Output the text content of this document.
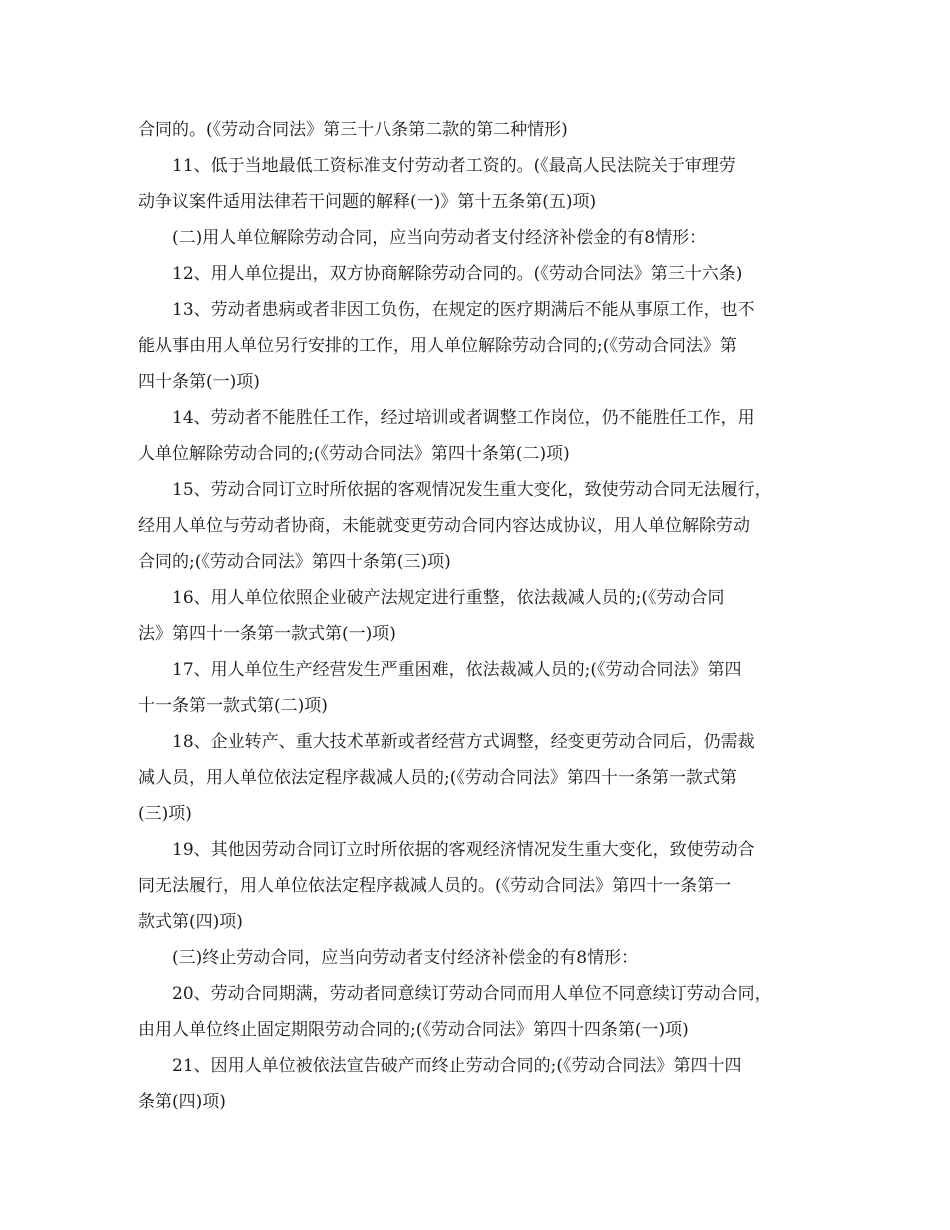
合同的。(《劳动合同法》第三十八条第二款的第二种情形)

11、低于当地最低工资标准支付劳动者工资的。(《最高人民法院关于审理劳

动争议案件适用法律若干问题的解释(一)》第十五条第(五)项)

(二)用人单位解除劳动合同，应当向劳动者支付经济补偿金的有8情形：

12、用人单位提出，双方协商解除劳动合同的。(《劳动合同法》第三十六条)

13、劳动者患病或者非因工负伤，在规定的医疗期满后不能从事原工作，也不

能从事由用人单位另行安排的工作，用人单位解除劳动合同的;(《劳动合同法》第

四十条第(一)项)

14、劳动者不能胜任工作，经过培训或者调整工作岗位，仍不能胜任工作，用

人单位解除劳动合同的;(《劳动合同法》第四十条第(二)项)

15、劳动合同订立时所依据的客观情况发生重大变化，致使劳动合同无法履行，

经用人单位与劳动者协商，未能就变更劳动合同内容达成协议，用人单位解除劳动

合同的;(《劳动合同法》第四十条第(三)项)

16、用人单位依照企业破产法规定进行重整，依法裁减人员的;(《劳动合同

法》第四十一条第一款式第(一)项)

17、用人单位生产经营发生严重困难，依法裁减人员的;(《劳动合同法》第四

十一条第一款式第(二)项)

18、企业转产、重大技术革新或者经营方式调整，经变更劳动合同后，仍需裁

减人员，用人单位依法定程序裁减人员的;(《劳动合同法》第四十一条第一款式第

(三)项)

19、其他因劳动合同订立时所依据的客观经济情况发生重大变化，致使劳动合

同无法履行，用人单位依法定程序裁减人员的。(《劳动合同法》第四十一条第一

款式第(四)项)

(三)终止劳动合同，应当向劳动者支付经济补偿金的有8情形：

20、劳动合同期满，劳动者同意续订劳动合同而用人单位不同意续订劳动合同，

由用人单位终止固定期限劳动合同的;(《劳动合同法》第四十四条第(一)项)

21、因用人单位被依法宣告破产而终止劳动合同的;(《劳动合同法》第四十四

条第(四)项)
